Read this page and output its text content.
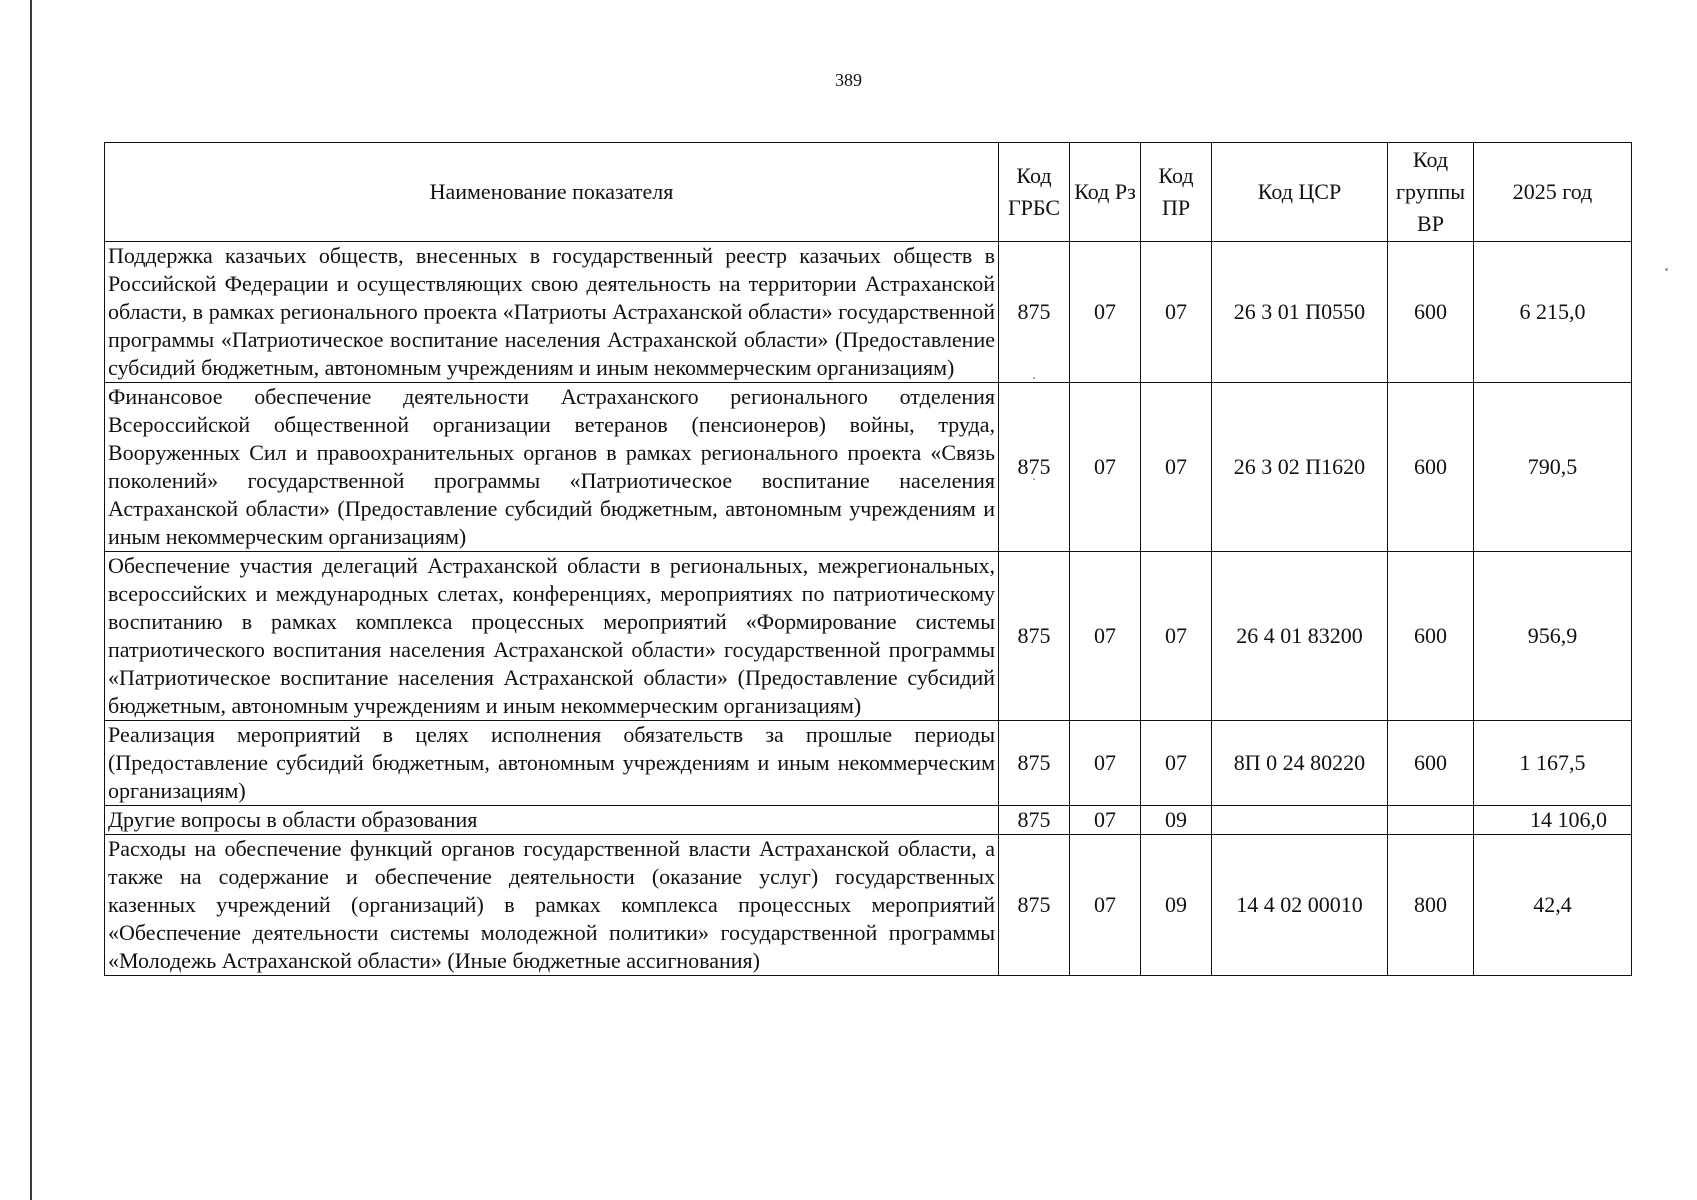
389
Наименование показателя	Код ГРБС	Код Рз	Код ПР	Код ЦСР	Код группы ВР	2025 год
Поддержка казачьих обществ, внесенных в государственный реестр казачьих обществ в Российской Федерации и осуществляющих свою деятельность на территории Астраханской области, в рамках регионального проекта «Патриоты Астраханской области» государственной программы «Патриотическое воспитание населения Астраханской области» (Предоставление субсидий бюджетным, автономным учреждениям и иным некоммерческим организациям)	875	07	07	26 3 01 П0550	600	6 215,0
Финансовое обеспечение деятельности Астраханского регионального отделения Всероссийской общественной организации ветеранов (пенсионеров) войны, труда, Вооруженных Сил и правоохранительных органов в рамках регионального проекта «Связь поколений» государственной программы «Патриотическое воспитание населения Астраханской области» (Предоставление субсидий бюджетным, автономным учреждениям и иным некоммерческим организациям)	875	07	07	26 3 02 П1620	600	790,5
Обеспечение участия делегаций Астраханской области в региональных, межрегиональных, всероссийских и международных слетах, конференциях, мероприятиях по патриотическому воспитанию в рамках комплекса процессных мероприятий «Формирование системы патриотического воспитания населения Астраханской области» государственной программы «Патриотическое воспитание населения Астраханской области» (Предоставление субсидий бюджетным, автономным учреждениям и иным некоммерческим организациям)	875	07	07	26 4 01 83200	600	956,9
Реализация мероприятий в целях исполнения обязательств за прошлые периоды (Предоставление субсидий бюджетным, автономным учреждениям и иным некоммерческим организациям)	875	07	07	8П 0 24 80220	600	1 167,5
Другие вопросы в области образования	875	07	09			14 106,0
Расходы на обеспечение функций органов государственной власти Астраханской области, а также на содержание и обеспечение деятельности (оказание услуг) государственных казенных учреждений (организаций) в рамках комплекса процессных мероприятий «Обеспечение деятельности системы молодежной политики» государственной программы «Молодежь Астраханской области» (Иные бюджетные ассигнования)	875	07	09	14 4 02 00010	800	42,4
